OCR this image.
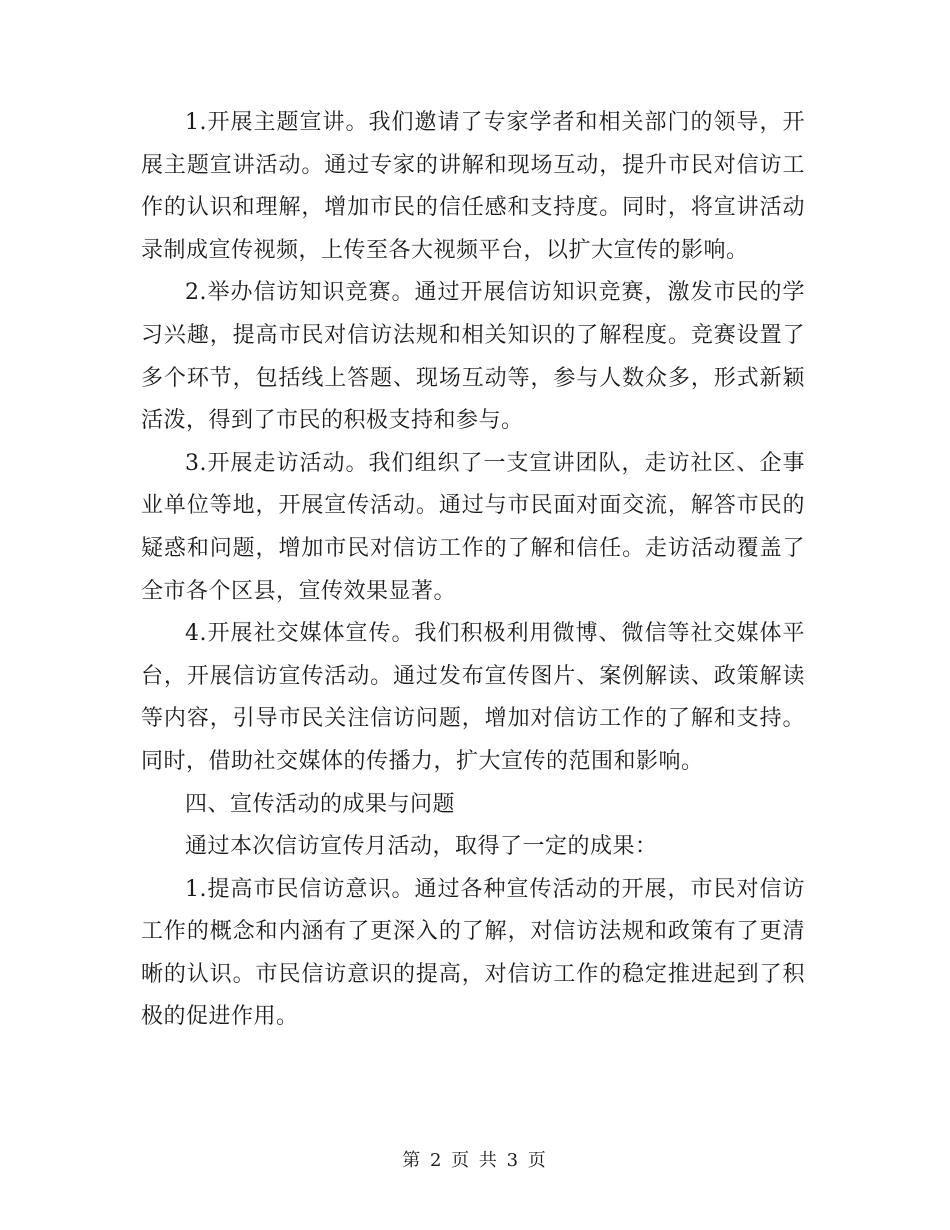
1.开展主题宣讲。我们邀请了专家学者和相关部门的领导，开展主题宣讲活动。通过专家的讲解和现场互动，提升市民对信访工作的认识和理解，增加市民的信任感和支持度。同时，将宣讲活动录制成宣传视频，上传至各大视频平台，以扩大宣传的影响。

2.举办信访知识竞赛。通过开展信访知识竞赛，激发市民的学习兴趣，提高市民对信访法规和相关知识的了解程度。竞赛设置了多个环节，包括线上答题、现场互动等，参与人数众多，形式新颖活泼，得到了市民的积极支持和参与。

3.开展走访活动。我们组织了一支宣讲团队，走访社区、企事业单位等地，开展宣传活动。通过与市民面对面交流，解答市民的疑惑和问题，增加市民对信访工作的了解和信任。走访活动覆盖了全市各个区县，宣传效果显著。

4.开展社交媒体宣传。我们积极利用微博、微信等社交媒体平台，开展信访宣传活动。通过发布宣传图片、案例解读、政策解读等内容，引导市民关注信访问题，增加对信访工作的了解和支持。同时，借助社交媒体的传播力，扩大宣传的范围和影响。

四、宣传活动的成果与问题

通过本次信访宣传月活动，取得了一定的成果：

1.提高市民信访意识。通过各种宣传活动的开展，市民对信访工作的概念和内涵有了更深入的了解，对信访法规和政策有了更清晰的认识。市民信访意识的提高，对信访工作的稳定推进起到了积极的促进作用。

第 2 页 共 3 页
